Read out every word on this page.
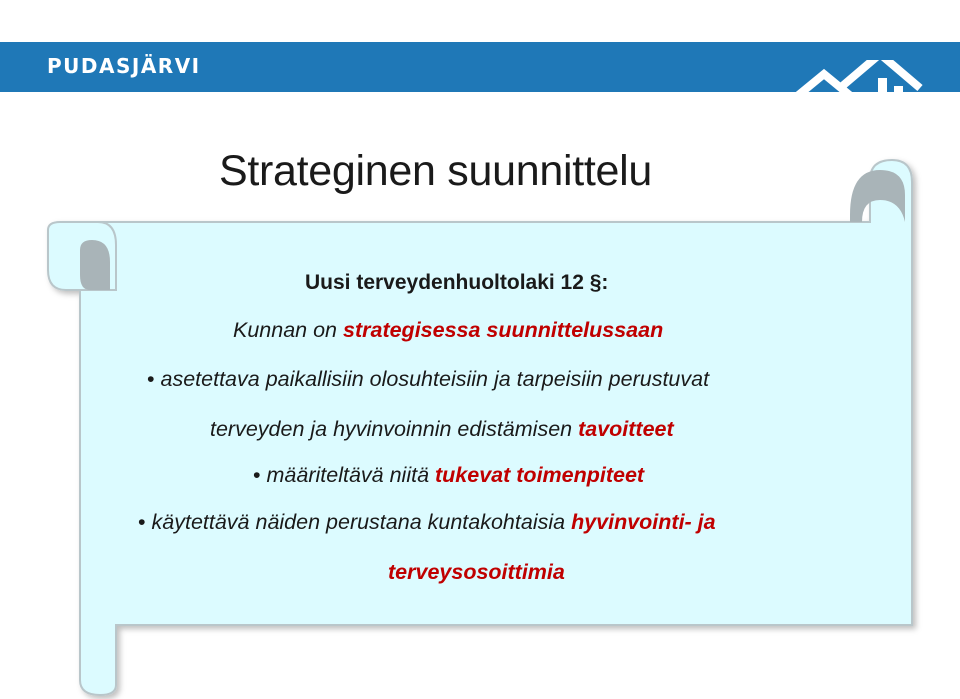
PUDASJÄRVI
Strateginen suunnittelu

Uusi terveydenhuoltolaki 12 §:

Kunnan on strategisessa suunnittelussaan

• asetettava paikallisiin olosuhteisiin ja tarpeisiin perustuvat

terveyden ja hyvinvoinnin edistämisen tavoitteet

• määriteltävä niitä tukevat toimenpiteet

• käytettävä näiden perustana kuntakohtaisia hyvinvointi- ja

terveysosoittimia
